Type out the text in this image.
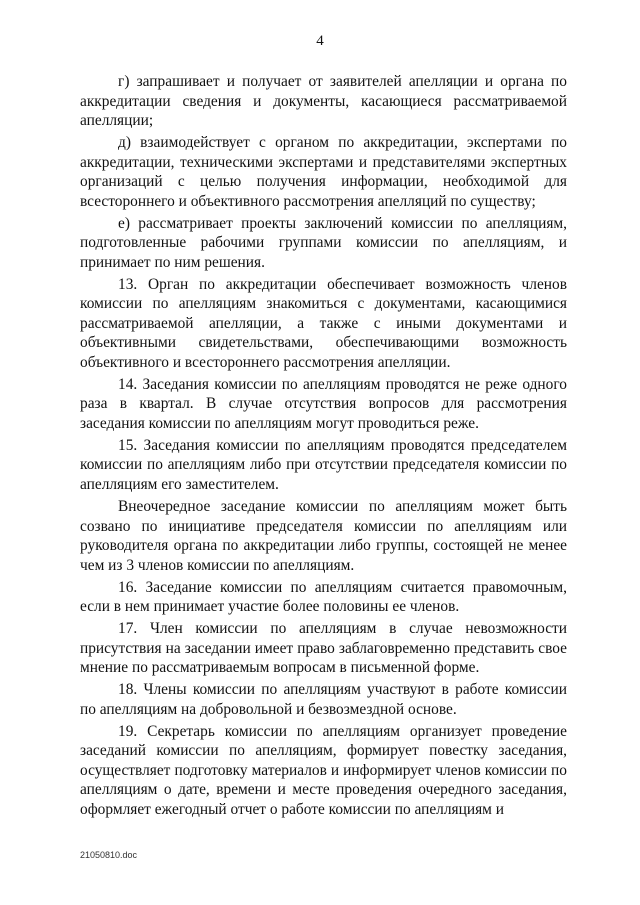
4

г) запрашивает и получает от заявителей апелляции и органа по аккредитации сведения и документы, касающиеся рассматриваемой апелляции;

д) взаимодействует с органом по аккредитации, экспертами по аккредитации, техническими экспертами и представителями экспертных организаций с целью получения информации, необходимой для всестороннего и объективного рассмотрения апелляций по существу;

е) рассматривает проекты заключений комиссии по апелляциям, подготовленные рабочими группами комиссии по апелляциям, и принимает по ним решения.

13. Орган по аккредитации обеспечивает возможность членов комиссии по апелляциям знакомиться с документами, касающимися рассматриваемой апелляции, а также с иными документами и объективными свидетельствами, обеспечивающими возможность объективного и всестороннего рассмотрения апелляции.

14. Заседания комиссии по апелляциям проводятся не реже одного раза в квартал. В случае отсутствия вопросов для рассмотрения заседания комиссии по апелляциям могут проводиться реже.

15. Заседания комиссии по апелляциям проводятся председателем комиссии по апелляциям либо при отсутствии председателя комиссии по апелляциям его заместителем.

Внеочередное заседание комиссии по апелляциям может быть созвано по инициативе председателя комиссии по апелляциям или руководителя органа по аккредитации либо группы, состоящей не менее чем из 3 членов комиссии по апелляциям.

16. Заседание комиссии по апелляциям считается правомочным, если в нем принимает участие более половины ее членов.

17. Член комиссии по апелляциям в случае невозможности присутствия на заседании имеет право заблаговременно представить свое мнение по рассматриваемым вопросам в письменной форме.

18. Члены комиссии по апелляциям участвуют в работе комиссии по апелляциям на добровольной и безвозмездной основе.

19. Секретарь комиссии по апелляциям организует проведение заседаний комиссии по апелляциям, формирует повестку заседания, осуществляет подготовку материалов и информирует членов комиссии по апелляциям о дате, времени и месте проведения очередного заседания, оформляет ежегодный отчет о работе комиссии по апелляциям и

21050810.doc
